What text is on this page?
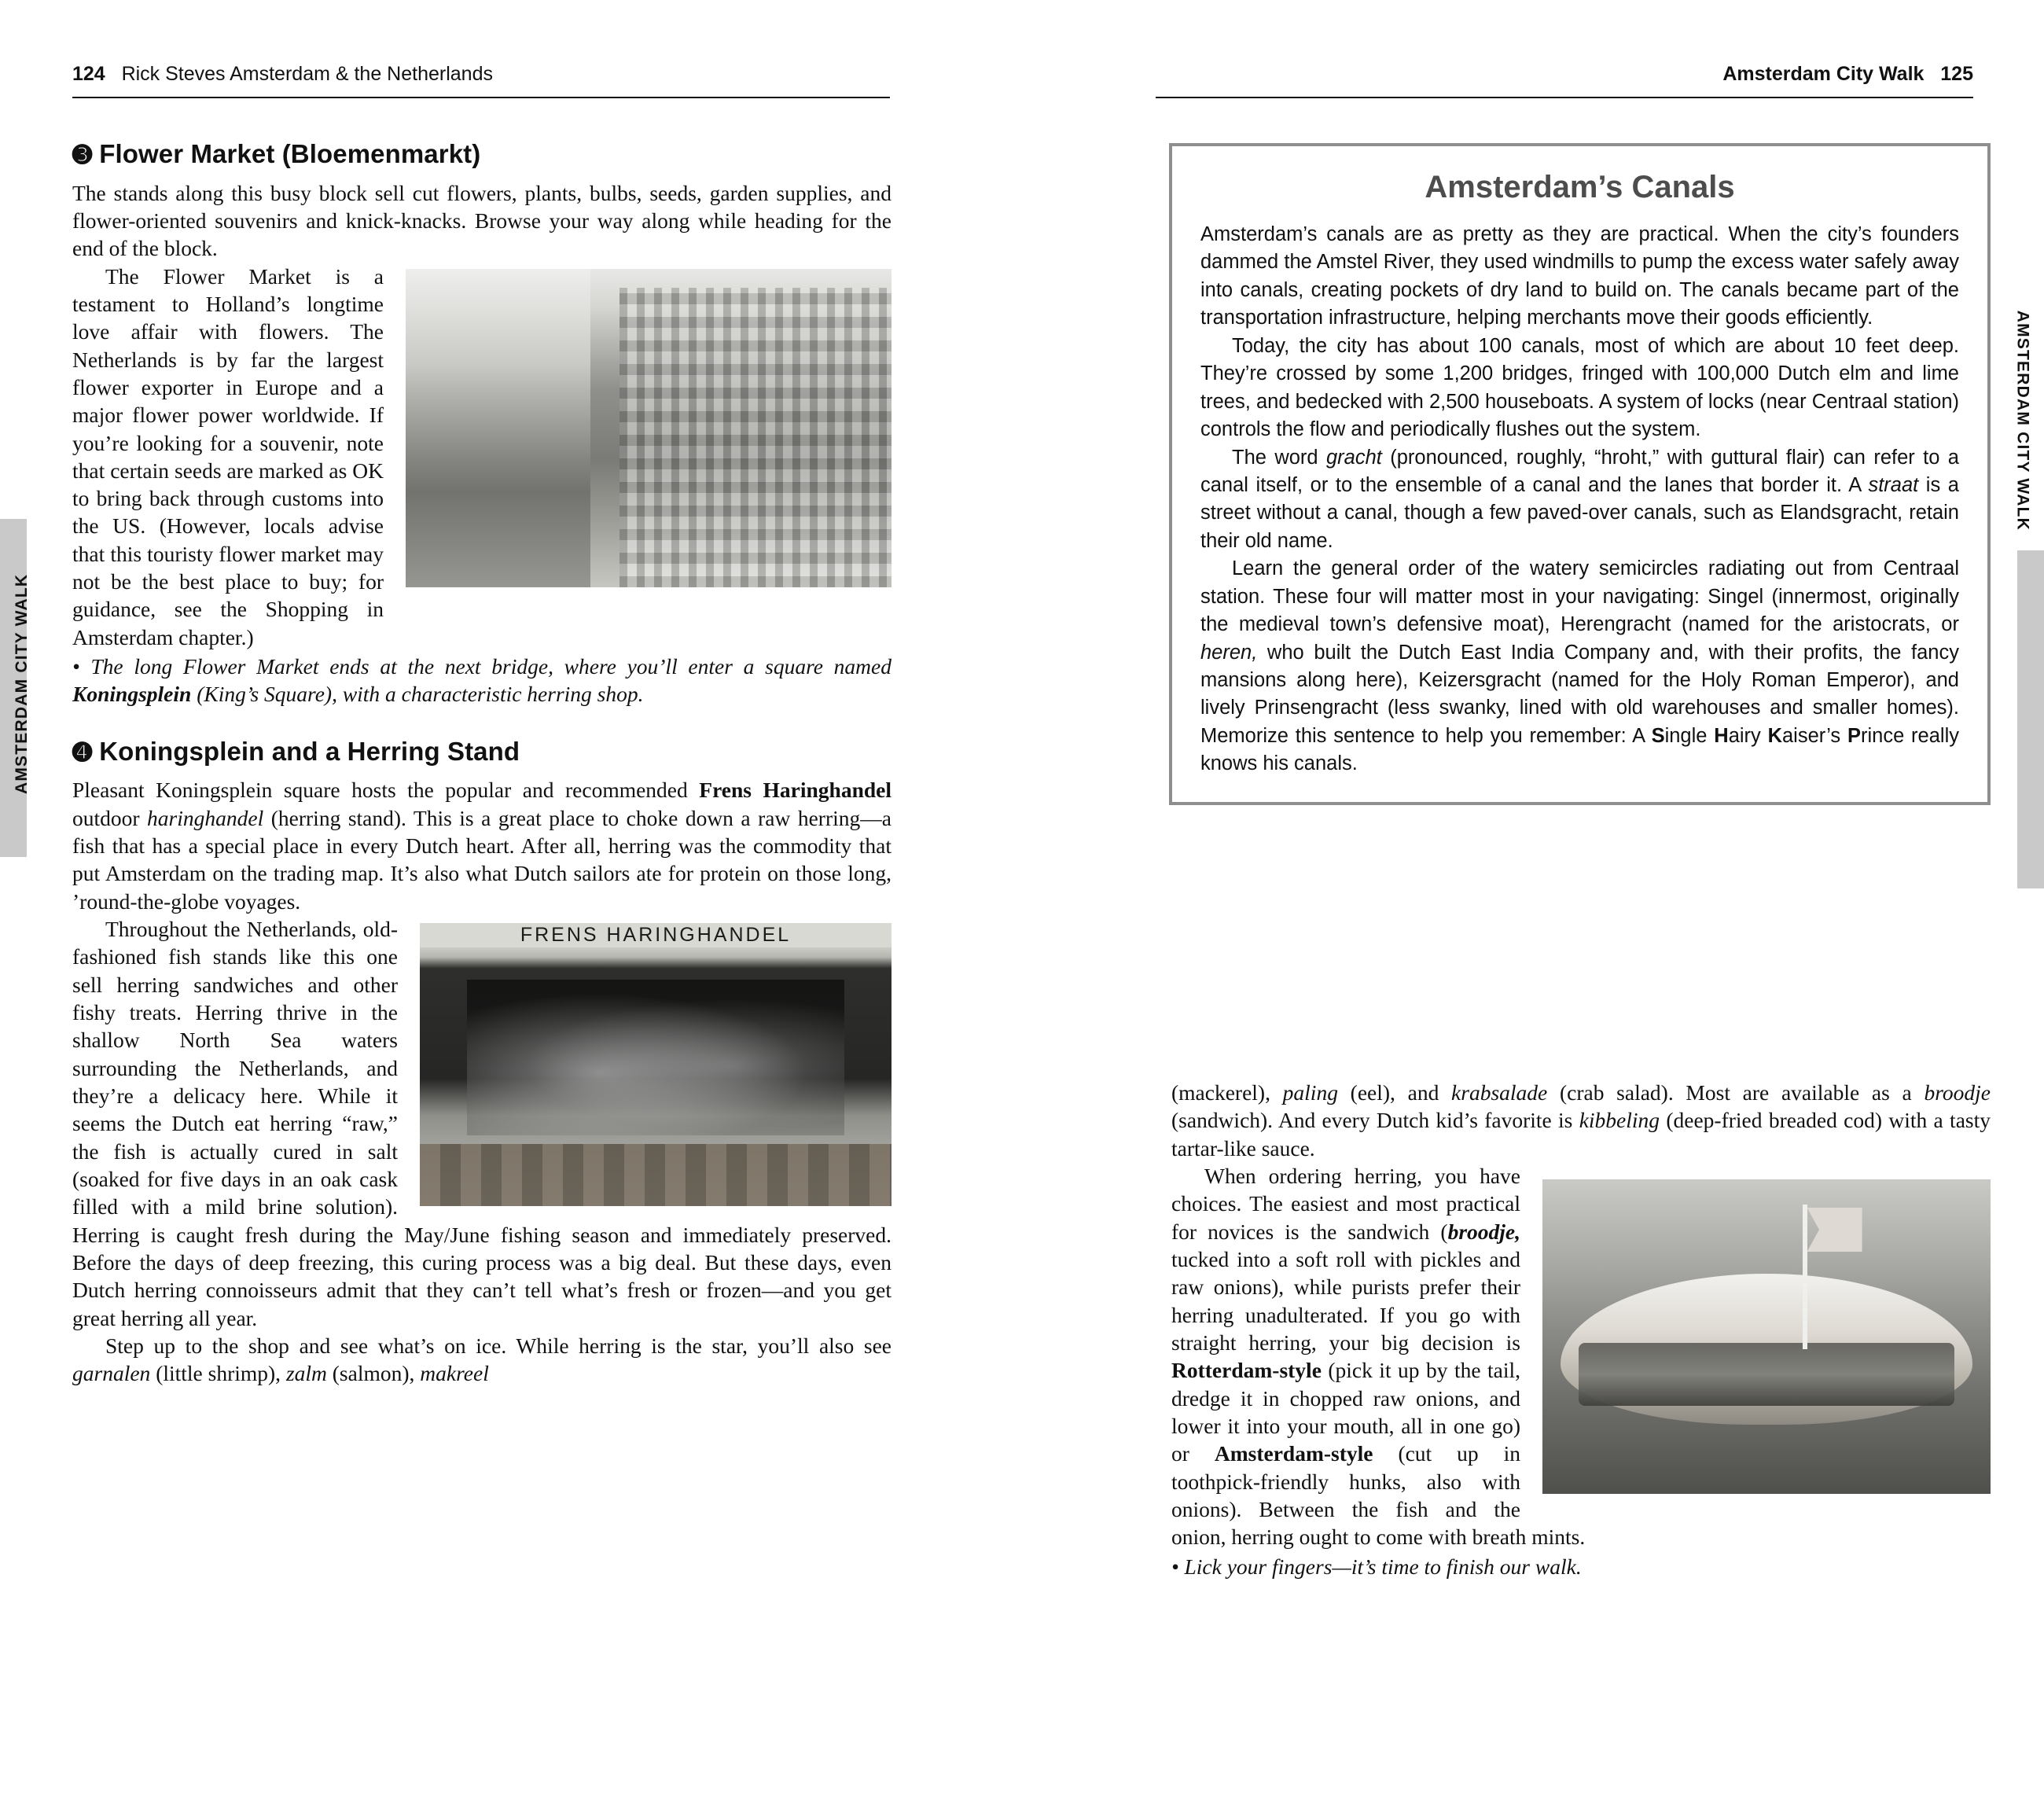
AMSTERDAM CITY WALK
124 Rick Steves Amsterdam & the Netherlands
➌ Flower Market (Bloemenmarkt)

The stands along this busy block sell cut flowers, plants, bulbs, seeds, garden supplies, and flower-oriented souvenirs and knick-knacks. Browse your way along while heading for the end of the block.

The Flower Market is a testament to Holland’s longtime love affair with flowers. The Netherlands is by far the largest flower exporter in Europe and a major flower power worldwide. If you’re looking for a souvenir, note that certain seeds are marked as OK to bring back through customs into the US. (However, locals advise that this touristy flower market may not be the best place to buy; for guidance, see the Shopping in Amsterdam chapter.)

• The long Flower Market ends at the next bridge, where you’ll enter a square named Koningsplein (King’s Square), with a characteristic herring shop.

➍ Koningsplein and a Herring Stand

Pleasant Koningsplein square hosts the popular and recommended Frens Haringhandel outdoor haringhandel (herring stand). This is a great place to choke down a raw herring—a fish that has a special place in every Dutch heart. After all, herring was the commodity that put Amsterdam on the trading map. It’s also what Dutch sailors ate for protein on those long, ’round-the-globe voyages.

FRENS HARINGHANDEL

Throughout the Netherlands, old-fashioned fish stands like this one sell herring sandwiches and other fishy treats. Herring thrive in the shallow North Sea waters surrounding the Netherlands, and they’re a delicacy here. While it seems the Dutch eat herring “raw,” the fish is actually cured in salt (soaked for five days in an oak cask filled with a mild brine solution). Herring is caught fresh during the May/June fishing season and immediately preserved. Before the days of deep freezing, this curing process was a big deal. But these days, even Dutch herring connoisseurs admit that they can’t tell what’s fresh or frozen—and you get great herring all year.

Step up to the shop and see what’s on ice. While herring is the star, you’ll also see garnalen (little shrimp), zalm (salmon), makreel

AMSTERDAM CITY WALK
Amsterdam City Walk 125
Amsterdam’s Canals

Amsterdam’s canals are as pretty as they are practical. When the city’s founders dammed the Amstel River, they used windmills to pump the excess water safely away into canals, creating pockets of dry land to build on. The canals became part of the transportation infrastructure, helping merchants move their goods efficiently.

Today, the city has about 100 canals, most of which are about 10 feet deep. They’re crossed by some 1,200 bridges, fringed with 100,000 Dutch elm and lime trees, and bedecked with 2,500 houseboats. A system of locks (near Centraal station) controls the flow and periodically flushes out the system.

The word gracht (pronounced, roughly, “hroht,” with guttural flair) can refer to a canal itself, or to the ensemble of a canal and the lanes that border it. A straat is a street without a canal, though a few paved-over canals, such as Elandsgracht, retain their old name.

Learn the general order of the watery semicircles radiating out from Centraal station. These four will matter most in your navigating: Singel (innermost, originally the medieval town’s defensive moat), Herengracht (named for the aristocrats, or heren, who built the Dutch East India Company and, with their profits, the fancy mansions along here), Keizersgracht (named for the Holy Roman Emperor), and lively Prinsengracht (less swanky, lined with old warehouses and smaller homes). Memorize this sentence to help you remember: A Single Hairy Kaiser’s Prince really knows his canals.

(mackerel), paling (eel), and krabsalade (crab salad). Most are available as a broodje (sandwich). And every Dutch kid’s favorite is kibbeling (deep-fried breaded cod) with a tasty tartar-like sauce.

When ordering herring, you have choices. The easiest and most practical for novices is the sandwich (broodje, tucked into a soft roll with pickles and raw onions), while purists prefer their herring unadulterated. If you go with straight herring, your big decision is Rotterdam-style (pick it up by the tail, dredge it in chopped raw onions, and lower it into your mouth, all in one go) or Amsterdam-style (cut up in toothpick-friendly hunks, also with onions). Between the fish and the onion, herring ought to come with breath mints.

• Lick your fingers—it’s time to finish our walk.
